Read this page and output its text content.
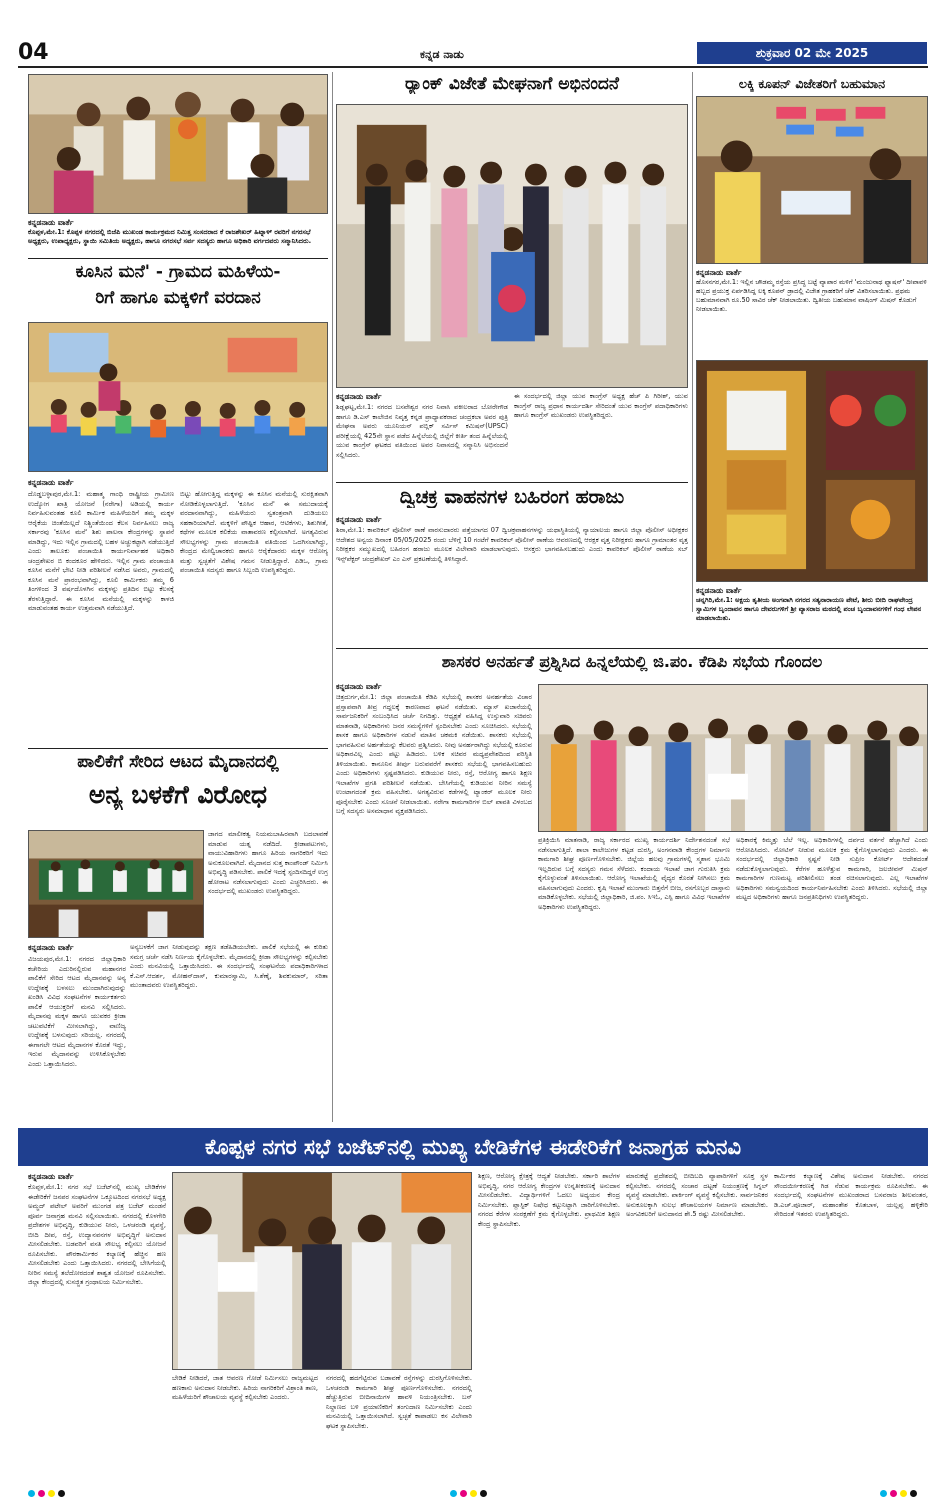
04	ಕನ್ನಡ ನಾಡು	ಶುಕ್ರವಾರ 02 ಮೇ 2025
ಕನ್ನಡನಾಡು ವಾರ್ತೆ
ಕೊಪ್ಪಳ,ಮೇ.1: ಕೊಪ್ಪಳ ನಗರದಲ್ಲಿ ಬಿಜೆಪಿ ಮುಖಂಡ ಕಾರ್ಯಕ್ರಮದ ನಿಮಿತ್ತ ಸಂಸದರಾದ ಕೆ ರಾಜಶೇಖರ್ ಹಿಟ್ನಾಳ್ ರವರಿಗೆ ನಗರಸಭೆ ಅಧ್ಯಕ್ಷರು, ಉಪಾಧ್ಯಕ್ಷರು, ಸ್ಥಾಯಿ ಸಮಿತಿಯ ಅಧ್ಯಕ್ಷರು, ಹಾಗೂ ನಗರಸಭೆ ಸರ್ವ ಸದಸ್ಯರು ಹಾಗೂ ಅಧಿಕಾರಿ ವರ್ಗದವರು ಸನ್ಮಾನಿಸಿದರು.
ಕೂಸಿನ ಮನೆ' - ಗ್ರಾಮದ ಮಹಿಳೆಯ-
ರಿಗೆ ಹಾಗೂ ಮಕ್ಕಳಿಗೆ ವರದಾನ
ಕನ್ನಡನಾಡು ವಾರ್ತೆ
ದೊಡ್ಡಬಳ್ಳಾಪುರ,ಮೇ.1: ಮಹಾತ್ಮ ಗಾಂಧಿ ರಾಷ್ಟ್ರೀಯ ಗ್ರಾಮೀಣ ಉದ್ಯೋಗ ಖಾತ್ರಿ ಯೋಜನೆ (ನರೇಗಾ) ಅಡಿಯಲ್ಲಿ ಕಾರ್ಯ ನಿರ್ವಹಿಸುವಂತಹ ಕೂಲಿ ಕಾರ್ಮಿಕ ಮಹಿಳೆಯರಿಗೆ ತಮ್ಮ ಮಕ್ಕಳ ಆರೈಕೆಯ ಚಿಂತೆಯಿಲ್ಲದೆ ನಿಶ್ಚಿಂತೆಯಿಂದ ಕೆಲಸ ನಿರ್ವಹಿಸಲು ರಾಜ್ಯ ಸರ್ಕಾರವು 'ಕೂಸಿನ ಮನೆ' ಶಿಶು ಪಾಲನಾ ಕೇಂದ್ರಗಳನ್ನು ಸ್ಥಾಪನೆ ಮಾಡಿದ್ದು, ಇದು ಇಲ್ಲಿನ ಗ್ರಾಮದಲ್ಲಿ ಬಹಳ ಅಚ್ಚುಕಟ್ಟಾಗಿ ನಡೆಯುತ್ತಿದೆ ಎಂದು ತಾಲೂಕು ಪಂಚಾಯಿತಿ ಕಾರ್ಯನಿರ್ವಾಹಕ ಅಧಿಕಾರಿ ಚಂದ್ರಶೇಖರ ಬಿ ಕಂದಕೂರ ಹೇಳಿದರು. ಇಲ್ಲಿನ ಗ್ರಾಮ ಪಂಚಾಯತಿ ಕೂಸಿನ ಮನೆಗೆ ಭೇಟಿ ನೀಡಿ ಪರಿಶೀಲನೆ ನಡೆಸಿದ ಅವರು, ಗ್ರಾಮದಲ್ಲಿ ಕೂಸಿನ ಮನೆ ಪ್ರಾರಂಭವಾಗಿದ್ದು, ಕೂಲಿ ಕಾರ್ಮಿಕರು ತಮ್ಮ 6 ತಿಂಗಳಿಂದ 3 ವರ್ಷದೊಳಗಿನ ಮಕ್ಕಳನ್ನು ಪ್ರತಿದಿನ ಬಿಟ್ಟು ಕೆಲಸಕ್ಕೆ ತೆರಳುತ್ತಿದ್ದಾರೆ. ಈ ಕೂಸಿನ ಮನೆಯಲ್ಲಿ ಮಕ್ಕಳನ್ನು ಕಾಳಜಿ ಮಾಡುವಂತಹ ಕಾರ್ಯ ಉತ್ತಮವಾಗಿ ನಡೆಯುತ್ತಿದೆ.
ಬಿಟ್ಟು ಹೋಗುತ್ತಿದ್ದ ಮಕ್ಕಳನ್ನು ಈ ಕೂಸಿನ ಮನೆಯಲ್ಲಿ ಸುರಕ್ಷಿತವಾಗಿ ನೋಡಿಕೊಳ್ಳಲಾಗುತ್ತಿದೆ. 'ಕೂಸಿನ ಮನೆ' ಈ ಸಮುದಾಯಕ್ಕೆ ವರದಾನವಾಗಿದ್ದು, ಮಹಿಳೆಯರು ಸ್ವತಂತ್ರವಾಗಿ ದುಡಿಯಲು ಸಹಕಾರಿಯಾಗಿದೆ. ಮಕ್ಕಳಿಗೆ ಪೌಷ್ಟಿಕ ಆಹಾರ, ಆಟಿಕೆಗಳು, ಶಿಶುಗೀತೆ, ಕಥೆಗಳ ಮೂಲಕ ಕಲಿಕೆಯ ವಾತಾವರಣ ಕಲ್ಪಿಸಲಾಗಿದೆ. ಅಗತ್ಯವಿರುವ ಸೌಲಭ್ಯಗಳನ್ನು ಗ್ರಾಮ ಪಂಚಾಯಿತಿ ವತಿಯಿಂದ ಒದಗಿಸಲಾಗಿದ್ದು, ಕೇಂದ್ರದ ಮೇಲ್ವಿಚಾರಕರು ಹಾಗೂ ಆರೈಕೆದಾರರು ಮಕ್ಕಳ ಆರೋಗ್ಯ ಮತ್ತು ಸ್ವಚ್ಛತೆಗೆ ವಿಶೇಷ ಗಮನ ನೀಡುತ್ತಿದ್ದಾರೆ. ಪಿಡಿಒ, ಗ್ರಾಮ ಪಂಚಾಯಿತಿ ಸದಸ್ಯರು ಹಾಗೂ ಸಿಬ್ಬಂದಿ ಉಪಸ್ಥಿತರಿದ್ದರು.
ಪಾಲಿಕೆಗೆ ಸೇರಿದ ಆಟದ ಮೈದಾನದಲ್ಲಿ
ಅನ್ಯ ಬಳಕೆಗೆ ವಿರೋಧ
ಕನ್ನಡನಾಡು ವಾರ್ತೆ
ವಿಜಯಪುರ,ಮೇ.1: ನಗರದ ಜಿಲ್ಲಾಧಿಕಾರಿ ಕಚೇರಿಯ ಎದುರಿನಲ್ಲಿರುವ ಮಹಾನಗರ ಪಾಲಿಕೆಗೆ ಸೇರಿದ ಆಟದ ಮೈದಾನವನ್ನು ಅನ್ಯ ಉದ್ದೇಶಕ್ಕೆ ಬಳಸಲು ಮುಂದಾಗಿರುವುದನ್ನು ಖಂಡಿಸಿ ವಿವಿಧ ಸಂಘಟನೆಗಳ ಕಾರ್ಯಕರ್ತರು ಪಾಲಿಕೆ ಆಯುಕ್ತರಿಗೆ ಮನವಿ ಸಲ್ಲಿಸಿದರು. ಮೈದಾನವು ಮಕ್ಕಳ ಹಾಗೂ ಯುವಕರ ಕ್ರೀಡಾ ಚಟುವಟಿಕೆಗೆ ಮೀಸಲಾಗಿದ್ದು, ವಾಣಿಜ್ಯ ಉದ್ದೇಶಕ್ಕೆ ಬಳಸುವುದು ಸರಿಯಲ್ಲ. ನಗರದಲ್ಲಿ ಈಗಾಗಲೇ ಆಟದ ಮೈದಾನಗಳ ಕೊರತೆ ಇದ್ದು, ಇರುವ ಮೈದಾನವನ್ನು ಉಳಿಸಿಕೊಳ್ಳಬೇಕು ಎಂದು ಒತ್ತಾಯಿಸಿದರು.
ಜಾಗದ ಮಾಲೀಕತ್ವ ನಿಯಮಬಾಹಿರವಾಗಿ ಬದಲಾವಣೆ ಮಾಡುವ ಯತ್ನ ನಡೆದಿದೆ. ಕ್ರೀಡಾಪಟುಗಳು, ವಾಯುವಿಹಾರಿಗಳು ಹಾಗೂ ಹಿರಿಯ ನಾಗರಿಕರಿಗೆ ಇದು ಅನುಕೂಲವಾಗಿದೆ. ಮೈದಾನದ ಸುತ್ತ ಕಾಂಪೌಂಡ್ ನಿರ್ಮಿಸಿ ಅಭಿವೃದ್ಧಿ ಪಡಿಸಬೇಕು. ಪಾಲಿಕೆ ಇದಕ್ಕೆ ಸ್ಪಂದಿಸದಿದ್ದರೆ ಉಗ್ರ ಹೋರಾಟ ನಡೆಸಲಾಗುವುದು ಎಂದು ಎಚ್ಚರಿಸಿದರು. ಈ ಸಂದರ್ಭದಲ್ಲಿ ಮುಖಂಡರು ಉಪಸ್ಥಿತರಿದ್ದರು.
ಅನ್ಯಬಳಕೆಗೆ ಜಾಗ ನೀಡುವುದನ್ನು ತಕ್ಷಣ ತಡೆಹಿಡಿಯಬೇಕು. ಪಾಲಿಕೆ ಸಭೆಯಲ್ಲಿ ಈ ಕುರಿತು ಸಮಗ್ರ ಚರ್ಚೆ ನಡೆಸಿ ನಿರ್ಣಯ ಕೈಗೊಳ್ಳಬೇಕು. ಮೈದಾನದಲ್ಲಿ ಕ್ರೀಡಾ ಸೌಲಭ್ಯಗಳನ್ನು ಕಲ್ಪಿಸಬೇಕು ಎಂದು ಮನವಿಯಲ್ಲಿ ಒತ್ತಾಯಿಸಿದರು. ಈ ಸಂದರ್ಭದಲ್ಲಿ ಸಂಘಟನೆಯ ಪದಾಧಿಕಾರಿಗಳಾದ ಕೆ.ಎಸ್.ಆದರ್ಶ, ಮೋಹನ್‌ದಾಸ್, ಕುಮಾರಸ್ವಾಮಿ, ಸಿ.ಶೆಣೈ, ಶಿವಕುಮಾರ್, ಸರಿತಾ ಮುಂತಾದವರು ಉಪಸ್ಥಿತರಿದ್ದರು.
ರ್‍ಯಾಂಕ್ ವಿಜೇತೆ ಮೇಘನಾಗೆ ಅಭಿನಂದನೆ
ಕನ್ನಡನಾಡು ವಾರ್ತೆ
ಶಿಡ್ಲಘಟ್ಟ,ಮೇ.1: ನಗರದ ಬಸವೇಶ್ವರ ನಗರ ನಿವಾಸಿ ವಕೀಲರಾದ ಬೋರೇಗೌಡ ಹಾಗೂ ಡಿ.ಎಸ್ ಕಾಲೇಜಿನ ನಿವೃತ್ತ ಕನ್ನಡ ಪ್ರಾಧ್ಯಾಪಕರಾದ ಚಂದ್ರಕಲಾ ಅವರ ಪುತ್ರಿ ಮೇಘನಾ ಅವರು ಯೂನಿಯನ್ ಪಬ್ಲಿಕ್ ಸರ್ವಿಸ್ ಕಮಿಷನ್(UPSC) ಪರೀಕ್ಷೆಯಲ್ಲಿ 425ನೇ ಸ್ಥಾನ ಪಡೆದ ಹಿನ್ನೆಲೆಯಲ್ಲಿ ಜಿಲ್ಲೆಗೆ ಕೀರ್ತಿ ತಂದ ಹಿನ್ನೆಲೆಯಲ್ಲಿ ಯುವ ಕಾಂಗ್ರೆಸ್ ಘಟಕದ ವತಿಯಿಂದ ಅವರ ನಿವಾಸದಲ್ಲಿ ಸನ್ಮಾನಿಸಿ ಅಭಿನಂದನೆ ಸಲ್ಲಿಸಿದರು.
ಈ ಸಂದರ್ಭದಲ್ಲಿ ಜಿಲ್ಲಾ ಯುವ ಕಾಂಗ್ರೆಸ್ ಅಧ್ಯಕ್ಷ ಹೆಚ್ ಪಿ ಗಿರೀಶ್, ಯುವ ಕಾಂಗ್ರೆಸ್ ರಾಜ್ಯ ಪ್ರಧಾನ ಕಾರ್ಯದರ್ಶಿ ಸೇರಿದಂತೆ ಯುವ ಕಾಂಗ್ರೆಸ್ ಪದಾಧಿಕಾರಿಗಳು ಹಾಗೂ ಕಾಂಗ್ರೆಸ್ ಮುಖಂಡರು ಉಪಸ್ಥಿತರಿದ್ದರು.
ದ್ವಿಚಕ್ರ ವಾಹನಗಳ ಬಹಿರಂಗ ಹರಾಜು
ಕನ್ನಡನಾಡು ವಾರ್ತೆ
ಶಿರಾ,ಮೇ.1: ಕಾವರಿಕಲ್ ಪೊಲೀಸ್ ಠಾಣೆ ವಾರಸುದಾರರು ಪತ್ತೆಯಾಗದ 07 ದ್ವಿಚಕ್ರವಾಹನಗಳನ್ನು ಯಥಾಸ್ಥಿತಿಯಲ್ಲಿ ನ್ಯಾಯಾಲಯ ಹಾಗೂ ಜಿಲ್ಲಾ ಪೊಲೀಸ್ ಅಧೀಕ್ಷಕರ ಆದೇಶದ ಅನ್ವಯ ದಿನಾಂಕ 05/05/2025 ರಂದು ಬೆಳಿಗ್ಗೆ 10 ಗಂಟೆಗೆ ಕಾವರಿಕಲ್ ಪೊಲೀಸ್ ಠಾಣೆಯ ಆವರಣದಲ್ಲಿ ಆರಕ್ಷಕ ವೃತ್ತ ನಿರೀಕ್ಷಕರು ಹಾಗೂ ಗ್ರಾಮಾಂತರ ವೃತ್ತ ನಿರೀಕ್ಷಕರ ಸಮ್ಮುಖದಲ್ಲಿ ಬಹಿರಂಗ ಹರಾಜು ಮೂಲಕ ವಿಲೇವಾರಿ ಮಾಡಲಾಗುವುದು. ಆಸಕ್ತರು ಭಾಗವಹಿಸಬಹುದು ಎಂದು ಕಾವರಿಕಲ್ ಪೊಲೀಸ್ ಠಾಣೆಯ ಸಬ್ ಇನ್ಸ್‌ಪೆಕ್ಟರ್ ಚಂದ್ರಶೇಖರ್ ಎಂ ಎಸ್ ಪ್ರಕಟಣೆಯಲ್ಲಿ ತಿಳಿಸಿದ್ದಾರೆ.
ಲಕ್ಕಿ ಕೂಪನ್ ವಿಜೇತರಿಗೆ ಬಹುಮಾನ
ಕನ್ನಡನಾಡು ವಾರ್ತೆ
ಹೊಸನಗರ,ಮೇ.1: ಇಲ್ಲಿನ ಚೌಡಮ್ಮ ರಸ್ತೆಯ ಪ್ರಸಿದ್ಧ ಬಟ್ಟೆ ವ್ಯಾಪಾರ ಮಳಿಗೆ 'ಮಂಜುನಾಥ ಫ್ಯಾಷನ್' ದೀಪಾವಳಿ ಹಬ್ಬದ ಪ್ರಯುಕ್ತ ಏರ್ಪಡಿಸಿದ್ದ ಲಕ್ಕಿ ಕೂಪನ್ ಡ್ರಾದಲ್ಲಿ ವಿಜೇತ ಗ್ರಾಹಕರಿಗೆ ಚೆಕ್ ವಿತರಿಸಲಾಯಿತು. ಪ್ರಥಮ ಬಹುಮಾನವಾಗಿ ರೂ.50 ಸಾವಿರ ಚೆಕ್ ನೀಡಲಾಯಿತು. ದ್ವಿತೀಯ ಬಹುಮಾನ ವಾಷಿಂಗ್ ಮಿಷನ್ ಕೊಡುಗೆ ನೀಡಲಾಯಿತು.
ಕನ್ನಡನಾಡು ವಾರ್ತೆ
ಚನ್ನಗಿರಿ,ಮೇ.1: ಅಕ್ಷಯ ತೃತೀಯ ಅಂಗವಾಗಿ ನಗರದ ಸತ್ಯನಾರಾಯಣ ಪೇಟೆ, ಶೀರು ಬೀದಿ ರಾಘವೇಂದ್ರ ಸ್ವಾಮಿಗಳ ಬೃಂದಾವನ ಹಾಗೂ ದೇವರುಗಳಿಗೆ ಶ್ರೀ ವ್ಯಾಸರಾಜ ಮಠದಲ್ಲಿ ಪಂಚ ಬೃಂದಾವನಗಳಿಗೆ ಗಂಧ ಲೇಪನ ಮಾಡಲಾಯಿತು.
ಶಾಸಕರ ಅನರ್ಹತೆ ಪ್ರಶ್ನಿಸಿದ ಹಿನ್ನಲೆಯಲ್ಲಿ ಜಿ.ಪಂ. ಕೆಡಿಪಿ ಸಭೆಯ ಗೊಂದಲ
ಕನ್ನಡನಾಡು ವಾರ್ತೆ
ಚಿತ್ರದುರ್ಗ,ಮೇ.1: ಜಿಲ್ಲಾ ಪಂಚಾಯಿತಿ ಕೆಡಿಪಿ ಸಭೆಯಲ್ಲಿ ಶಾಸಕರ ಅನರ್ಹತೆಯ ವಿಚಾರ ಪ್ರಸ್ತಾಪವಾಗಿ ತೀವ್ರ ಗದ್ದಲಕ್ಕೆ ಕಾರಣವಾದ ಘಟನೆ ನಡೆಯಿತು. ಮ್ಯಾಸ್ ಖಜಾನೆಯಲ್ಲಿ ಸಾರ್ವಜನಿಕರಿಗೆ ಸಂಬಂಧಿಸಿದ ಚರ್ಚೆ ನಿಗದಿತ್ತು. ಆಧ್ಯಕ್ಷತೆ ವಹಿಸಿದ್ದ ಉಸ್ತುವಾರಿ ಸಚಿವರು ಮಾತನಾಡಿ, ಅಧಿಕಾರಿಗಳು ಜನರ ಸಮಸ್ಯೆಗಳಿಗೆ ಸ್ಪಂದಿಸಬೇಕು ಎಂದು ಸೂಚಿಸಿದರು. ಸಭೆಯಲ್ಲಿ ಶಾಸಕ ಹಾಗೂ ಅಧಿಕಾರಿಗಳ ನಡುವೆ ಮಾತಿನ ಚಕಮಕಿ ನಡೆಯಿತು. ಶಾಸಕರು ಸಭೆಯಲ್ಲಿ ಭಾಗವಹಿಸುವ ಅರ್ಹತೆಯನ್ನು ಕೆಲವರು ಪ್ರಶ್ನಿಸಿದರು. ನೀವು ಅನರ್ಹರಾಗಿದ್ದು ಸಭೆಯಲ್ಲಿ ಕೂರುವ ಅಧಿಕಾರವಿಲ್ಲ ಎಂದು ಪಟ್ಟು ಹಿಡಿದರು. ಬಳಿಕ ಸಚಿವರ ಮಧ್ಯಪ್ರವೇಶದಿಂದ ಪರಿಸ್ಥಿತಿ ತಿಳಿಯಾಯಿತು. ಕಾನೂನಿನ ತೀರ್ಪು ಬರುವವರೆಗೆ ಶಾಸಕರು ಸಭೆಯಲ್ಲಿ ಭಾಗವಹಿಸಬಹುದು ಎಂದು ಅಧಿಕಾರಿಗಳು ಸ್ಪಷ್ಟಪಡಿಸಿದರು. ಕುಡಿಯುವ ನೀರು, ರಸ್ತೆ, ಆರೋಗ್ಯ ಹಾಗೂ ಶಿಕ್ಷಣ ಇಲಾಖೆಗಳ ಪ್ರಗತಿ ಪರಿಶೀಲನೆ ನಡೆಯಿತು. ಬೇಸಿಗೆಯಲ್ಲಿ ಕುಡಿಯುವ ನೀರಿನ ಸಮಸ್ಯೆ ಉಂಟಾಗದಂತೆ ಕ್ರಮ ವಹಿಸಬೇಕು. ಅಗತ್ಯವಿರುವ ಕಡೆಗಳಲ್ಲಿ ಟ್ಯಾಂಕರ್ ಮೂಲಕ ನೀರು ಪೂರೈಸಬೇಕು ಎಂದು ಸೂಚನೆ ನೀಡಲಾಯಿತು. ನರೇಗಾ ಕಾಮಗಾರಿಗಳ ಬಿಲ್ ಪಾವತಿ ವಿಳಂಬದ ಬಗ್ಗೆ ಸದಸ್ಯರು ಅಸಮಾಧಾನ ವ್ಯಕ್ತಪಡಿಸಿದರು.
ಪ್ರತಿಕ್ರಿಯಿಸಿ ಮಾತನಾಡಿ, ರಾಜ್ಯ ಸರ್ಕಾರದ ಮುಖ್ಯ ಕಾರ್ಯದರ್ಶಿ ನಿರ್ದೇಶನದಂತೆ ಸಭೆ ನಡೆಸಲಾಗುತ್ತಿದೆ. ಶಾಲಾ ಕಾಲೇಜುಗಳ ಕಟ್ಟಡ ದುರಸ್ತಿ, ಅಂಗನವಾಡಿ ಕೇಂದ್ರಗಳ ನಿರ್ಮಾಣ ಕಾಮಗಾರಿ ಶೀಘ್ರ ಪೂರ್ಣಗೊಳಿಸಬೇಕು. ಜಿಲ್ಲೆಯ ಹಲವು ಗ್ರಾಮಗಳಲ್ಲಿ ಸ್ಮಶಾನ ಭೂಮಿ ಇಲ್ಲದಿರುವ ಬಗ್ಗೆ ಸದಸ್ಯರು ಗಮನ ಸೆಳೆದರು. ಕಂದಾಯ ಇಲಾಖೆ ಜಾಗ ಗುರುತಿಸಿ ಕ್ರಮ ಕೈಗೊಳ್ಳುವಂತೆ ತಿಳಿಸಲಾಯಿತು. ಆರೋಗ್ಯ ಇಲಾಖೆಯಲ್ಲಿ ವೈದ್ಯರ ಕೊರತೆ ನೀಗಿಸಲು ಕ್ರಮ ವಹಿಸಲಾಗುವುದು ಎಂದರು. ಕೃಷಿ ಇಲಾಖೆ ಮುಂಗಾರು ಬಿತ್ತನೆಗೆ ಬೀಜ, ರಸಗೊಬ್ಬರ ದಾಸ್ತಾನು ಮಾಡಿಕೊಳ್ಳಬೇಕು. ಸಭೆಯಲ್ಲಿ ಜಿಲ್ಲಾಧಿಕಾರಿ, ಜಿ.ಪಂ. ಸಿಇಓ, ಎಸ್ಪಿ ಹಾಗೂ ವಿವಿಧ ಇಲಾಖೆಗಳ ಅಧಿಕಾರಿಗಳು ಉಪಸ್ಥಿತರಿದ್ದರು.
ಅಧಿಕಾರಕ್ಕೆ ಕಿಮ್ಮತ್ತು ಬೆಲೆ ಇಲ್ಲ. ಅಧಿಕಾರಿಗಳಲ್ಲಿ ದರ್ಪದ ವರ್ತನೆ ಹೆಚ್ಚಾಗಿದೆ ಎಂದು ಆರೋಪಿಸಿದರು. ನೋಟಿಸ್ ನೀಡುವ ಮೂಲಕ ಕ್ರಮ ಕೈಗೊಳ್ಳಲಾಗುವುದು ಎಂದರು. ಈ ಸಂದರ್ಭದಲ್ಲಿ ಜಿಲ್ಲಾಧಿಕಾರಿ ಸ್ಪಷ್ಟನೆ ನೀಡಿ ಸುಪ್ರೀಂ ಕೋರ್ಟ್ ಆದೇಶದಂತೆ ನಡೆದುಕೊಳ್ಳಲಾಗುವುದು. ಕೆರೆಗಳ ಹೂಳೆತ್ತುವ ಕಾಮಗಾರಿ, ಜಲಜೀವನ್ ಮಿಷನ್ ಕಾಮಗಾರಿಗಳ ಗುಣಮಟ್ಟ ಪರಿಶೀಲಿಸಲು ತಂಡ ರಚಿಸಲಾಗುವುದು. ಎಲ್ಲ ಇಲಾಖೆಗಳ ಅಧಿಕಾರಿಗಳು ಸಮನ್ವಯದಿಂದ ಕಾರ್ಯನಿರ್ವಹಿಸಬೇಕು ಎಂದು ತಿಳಿಸಿದರು. ಸಭೆಯಲ್ಲಿ ಜಿಲ್ಲಾ ಮಟ್ಟದ ಅಧಿಕಾರಿಗಳು ಹಾಗೂ ಜನಪ್ರತಿನಿಧಿಗಳು ಉಪಸ್ಥಿತರಿದ್ದರು.
ಕೊಪ್ಪಳ ನಗರ ಸಭೆ ಬಜೆಟ್‌ನಲ್ಲಿ ಮುಖ್ಯ ಬೇಡಿಕೆಗಳ ಈಡೇರಿಕೆಗೆ ಜನಾಗ್ರಹ ಮನವಿ
ಕನ್ನಡನಾಡು ವಾರ್ತೆ
ಕೊಪ್ಪಳ,ಮೇ.1: ನಗರ ಸಭೆ ಬಜೆಟ್‌ನಲ್ಲಿ ಮುಖ್ಯ ಬೇಡಿಕೆಗಳ ಈಡೇರಿಕೆಗೆ ಜನಪರ ಸಂಘಟನೆಗಳ ಒಕ್ಕೂಟದಿಂದ ನಗರಸಭೆ ಅಧ್ಯಕ್ಷ ಅಮ್ಜದ್ ಪಟೇಲ್ ಅವರಿಗೆ ಮುಂಗಡ ಪತ್ರ ಬಜೆಟ್ ಮಂಡನೆ ಪೂರ್ವ ಜನಾಗ್ರಹ ಮನವಿ ಸಲ್ಲಿಸಲಾಯಿತು. ನಗರದಲ್ಲಿ ಕೊಳಗೇರಿ ಪ್ರದೇಶಗಳ ಅಭಿವೃದ್ಧಿ, ಕುಡಿಯುವ ನೀರು, ಒಳಚರಂಡಿ ವ್ಯವಸ್ಥೆ, ಬೀದಿ ದೀಪ, ರಸ್ತೆ, ಉದ್ಯಾನವನಗಳ ಅಭಿವೃದ್ಧಿಗೆ ಅನುದಾನ ಮೀಸಲಿಡಬೇಕು. ಬಡವರಿಗೆ ವಸತಿ ಸೌಲಭ್ಯ ಕಲ್ಪಿಸಲು ಯೋಜನೆ ರೂಪಿಸಬೇಕು. ಪೌರಕಾರ್ಮಿಕರ ಕಲ್ಯಾಣಕ್ಕೆ ಹೆಚ್ಚಿನ ಹಣ ಮೀಸಲಿಡಬೇಕು ಎಂದು ಒತ್ತಾಯಿಸಿದರು. ನಗರದಲ್ಲಿ ಬೇಸಿಗೆಯಲ್ಲಿ ನೀರಿನ ಸಮಸ್ಯೆ ತಲೆದೋರದಂತೆ ಶಾಶ್ವತ ಯೋಜನೆ ರೂಪಿಸಬೇಕು. ಜಿಲ್ಲಾ ಕೇಂದ್ರದಲ್ಲಿ ಸುಸಜ್ಜಿತ ಗ್ರಂಥಾಲಯ ನಿರ್ಮಿಸಬೇಕು.
ಬೇಡಿಕೆ ನೀಡಿದರೆ, ಜಾತ ಆವರಣ ಗೋಡೆ ನಿರ್ಮಿಸಲು ರಾಜ್ಯಮಟ್ಟದ ಹಣಕಾಸು ಅನುದಾನ ನೀಡಬೇಕು. ಹಿರಿಯ ನಾಗರಿಕರಿಗೆ ವಿಶ್ರಾಂತಿ ತಾಣ, ಮಹಿಳೆಯರಿಗೆ ಶೌಚಾಲಯ ವ್ಯವಸ್ಥೆ ಕಲ್ಪಿಸಬೇಕು ಎಂದರು.
ನಗರದಲ್ಲಿ ಹದಗೆಟ್ಟಿರುವ ಬಡಾವಣೆ ರಸ್ತೆಗಳನ್ನು ದುರಸ್ತಿಗೊಳಿಸಬೇಕು. ಒಳಚರಂಡಿ ಕಾಮಗಾರಿ ಶೀಘ್ರ ಪೂರ್ಣಗೊಳಿಸಬೇಕು. ನಗರದಲ್ಲಿ ಹೆಚ್ಚುತ್ತಿರುವ ಬೀದಿನಾಯಿಗಳ ಹಾವಳಿ ನಿಯಂತ್ರಿಸಬೇಕು. ಬಸ್ ನಿಲ್ದಾಣದ ಬಳಿ ಪ್ರಯಾಣಿಕರಿಗೆ ತಂಗುದಾಣ ನಿರ್ಮಿಸಬೇಕು ಎಂದು ಮನವಿಯಲ್ಲಿ ಒತ್ತಾಯಿಸಲಾಗಿದೆ. ಸ್ವಚ್ಛತೆ ಕಾಪಾಡಲು ಕಸ ವಿಲೇವಾರಿ ಘಟಕ ಸ್ಥಾಪಿಸಬೇಕು.
ಶಿಕ್ಷಣ, ಆರೋಗ್ಯ ಕ್ಷೇತ್ರಕ್ಕೆ ಆದ್ಯತೆ ನೀಡಬೇಕು. ಸರ್ಕಾರಿ ಶಾಲೆಗಳ ಅಭಿವೃದ್ಧಿ, ನಗರ ಆರೋಗ್ಯ ಕೇಂದ್ರಗಳ ಉನ್ನತೀಕರಣಕ್ಕೆ ಅನುದಾನ ಮೀಸಲಿಡಬೇಕು. ವಿದ್ಯಾರ್ಥಿಗಳಿಗೆ ಓದಲು ಅಧ್ಯಯನ ಕೇಂದ್ರ ನಿರ್ಮಿಸಬೇಕು. ಪ್ಲಾಸ್ಟಿಕ್ ನಿಷೇಧ ಕಟ್ಟುನಿಟ್ಟಾಗಿ ಜಾರಿಗೊಳಿಸಬೇಕು. ನಗರದ ಕೆರೆಗಳ ಸಂರಕ್ಷಣೆಗೆ ಕ್ರಮ ಕೈಗೊಳ್ಳಬೇಕು. ಪ್ರಾಥಮಿಕ ಶಿಕ್ಷಣ ಕೇಂದ್ರ ಸ್ಥಾಪಿಸಬೇಕು.
ಮಾರುಕಟ್ಟೆ ಪ್ರದೇಶದಲ್ಲಿ ಬೀದಿಬದಿ ವ್ಯಾಪಾರಿಗಳಿಗೆ ಸೂಕ್ತ ಸ್ಥಳ ಕಲ್ಪಿಸಬೇಕು. ನಗರದಲ್ಲಿ ಸಂಚಾರ ದಟ್ಟಣೆ ನಿಯಂತ್ರಣಕ್ಕೆ ಸಿಗ್ನಲ್ ವ್ಯವಸ್ಥೆ ಮಾಡಬೇಕು. ಪಾರ್ಕಿಂಗ್ ವ್ಯವಸ್ಥೆ ಕಲ್ಪಿಸಬೇಕು. ಸಾರ್ವಜನಿಕರ ಅನುಕೂಲಕ್ಕಾಗಿ ಸುಲಭ ಶೌಚಾಲಯಗಳ ನಿರ್ಮಾಣ ಮಾಡಬೇಕು. ಅಂಗವಿಕಲರಿಗೆ ಅನುದಾನದ ಶೇ.5 ರಷ್ಟು ಮೀಸಲಿಡಬೇಕು.
ಕಾರ್ಮಿಕರ ಕಲ್ಯಾಣಕ್ಕೆ ವಿಶೇಷ ಅನುದಾನ ನೀಡಬೇಕು. ನಗರದ ಸೌಂದರ್ಯೀಕರಣಕ್ಕೆ ಗಿಡ ನೆಡುವ ಕಾರ್ಯಕ್ರಮ ರೂಪಿಸಬೇಕು. ಈ ಸಂದರ್ಭದಲ್ಲಿ ಸಂಘಟನೆಗಳ ಮುಖಂಡರಾದ ಬಸವರಾಜ ಶೀಲವಂತರ, ಡಿ.ಎಚ್.ಪೂಜಾರ್, ಮಹಾಂತೇಶ ಕೊತಬಾಳ, ಯಲ್ಲಪ್ಪ ಹಳ್ಳಿಕೇರಿ ಸೇರಿದಂತೆ ಇತರರು ಉಪಸ್ಥಿತರಿದ್ದರು.
